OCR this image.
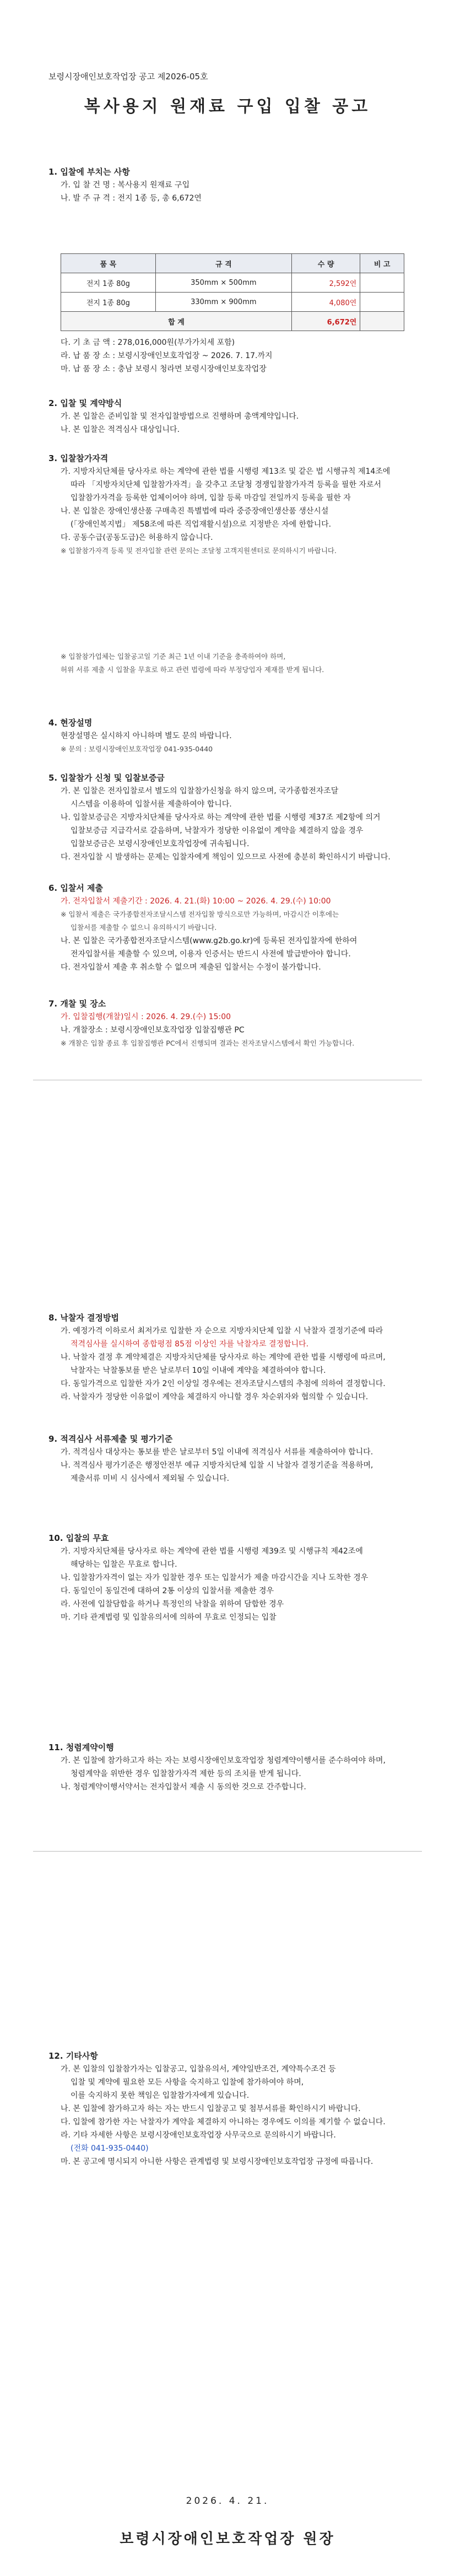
보령시장애인보호작업장 공고 제2026-05호
복사용지 원재료 구입 입찰 공고

1. 입찰에 부치는 사항

가. 입 찰 건 명 : 복사용지 원재료 구입

나. 발 주 규 격 : 전지 1종 등, 총 6,672연

품 목	규 격	수 량	비 고
전지 1종 80g	350mm × 500mm	2,592연	
전지 1종 80g	330mm × 900mm	4,080연	
합 계		6,672연	

다. 기 초 금 액 : 278,016,000원(부가가치세 포함)

라. 납 품 장 소 : 보령시장애인보호작업장 ~ 2026. 7. 17.까지

마. 납 품 장 소 : 충남 보령시 청라면 보령시장애인보호작업장

2. 입찰 및 계약방식

가. 본 입찰은 준비입찰 및 전자입찰방법으로 진행하며 총액계약입니다.

나. 본 입찰은 적격심사 대상입니다.

3. 입찰참가자격

가. 지방자치단체를 당사자로 하는 계약에 관한 법률 시행령 제13조 및 같은 법 시행규칙 제14조에

따라 「지방자치단체 입찰참가자격」을 갖추고 조달청 경쟁입찰참가자격 등록을 필한 자로서

입찰참가자격을 등록한 업체이어야 하며, 입찰 등록 마감일 전일까지 등록을 필한 자

나. 본 입찰은 장애인생산품 구매촉진 특별법에 따라 중증장애인생산품 생산시설

(「장애인복지법」 제58조에 따른 직업재활시설)으로 지정받은 자에 한합니다.

다. 공동수급(공동도급)은 허용하지 않습니다.

※ 입찰참가자격 등록 및 전자입찰 관련 문의는 조달청 고객지원센터로 문의하시기 바랍니다.

※ 입찰참가업체는 입찰공고일 기준 최근 1년 이내 기준을 충족하여야 하며,

허위 서류 제출 시 입찰을 무효로 하고 관련 법령에 따라 부정당업자 제재를 받게 됩니다.

4. 현장설명

현장설명은 실시하지 아니하며 별도 문의 바랍니다.

※ 문의 : 보령시장애인보호작업장 041-935-0440

5. 입찰참가 신청 및 입찰보증금

가. 본 입찰은 전자입찰로서 별도의 입찰참가신청을 하지 않으며, 국가종합전자조달

시스템을 이용하여 입찰서를 제출하여야 합니다.

나. 입찰보증금은 지방자치단체를 당사자로 하는 계약에 관한 법률 시행령 제37조 제2항에 의거

입찰보증금 지급각서로 갈음하며, 낙찰자가 정당한 이유없이 계약을 체결하지 않을 경우

입찰보증금은 보령시장애인보호작업장에 귀속됩니다.

다. 전자입찰 시 발생하는 문제는 입찰자에게 책임이 있으므로 사전에 충분히 확인하시기 바랍니다.

6. 입찰서 제출

가. 전자입찰서 제출기간 : 2026. 4. 21.(화) 10:00 ~ 2026. 4. 29.(수) 10:00

※ 입찰서 제출은 국가종합전자조달시스템 전자입찰 방식으로만 가능하며, 마감시간 이후에는

입찰서를 제출할 수 없으니 유의하시기 바랍니다.

나. 본 입찰은 국가종합전자조달시스템(www.g2b.go.kr)에 등록된 전자입찰자에 한하여

전자입찰서를 제출할 수 있으며, 이용자 인증서는 반드시 사전에 발급받아야 합니다.

다. 전자입찰서 제출 후 취소할 수 없으며 제출된 입찰서는 수정이 불가합니다.

7. 개찰 및 장소

가. 입찰집행(개찰)일시 : 2026. 4. 29.(수) 15:00

나. 개찰장소 : 보령시장애인보호작업장 입찰집행관 PC

※ 개찰은 입찰 종료 후 입찰집행관 PC에서 진행되며 결과는 전자조달시스템에서 확인 가능합니다.

8. 낙찰자 결정방법

가. 예정가격 이하로서 최저가로 입찰한 자 순으로 지방자치단체 입찰 시 낙찰자 결정기준에 따라

적격심사를 실시하여 종합평점 85점 이상인 자를 낙찰자로 결정합니다.

나. 낙찰자 결정 후 계약체결은 지방자치단체를 당사자로 하는 계약에 관한 법률 시행령에 따르며,

낙찰자는 낙찰통보를 받은 날로부터 10일 이내에 계약을 체결하여야 합니다.

다. 동일가격으로 입찰한 자가 2인 이상일 경우에는 전자조달시스템의 추첨에 의하여 결정합니다.

라. 낙찰자가 정당한 이유없이 계약을 체결하지 아니할 경우 차순위자와 협의할 수 있습니다.

9. 적격심사 서류제출 및 평가기준

가. 적격심사 대상자는 통보를 받은 날로부터 5일 이내에 적격심사 서류를 제출하여야 합니다.

나. 적격심사 평가기준은 행정안전부 예규 지방자치단체 입찰 시 낙찰자 결정기준을 적용하며,

제출서류 미비 시 심사에서 제외될 수 있습니다.

10. 입찰의 무효

가. 지방자치단체를 당사자로 하는 계약에 관한 법률 시행령 제39조 및 시행규칙 제42조에

해당하는 입찰은 무효로 합니다.

나. 입찰참가자격이 없는 자가 입찰한 경우 또는 입찰서가 제출 마감시간을 지나 도착한 경우

다. 동일인이 동일건에 대하여 2통 이상의 입찰서를 제출한 경우

라. 사전에 입찰담합을 하거나 특정인의 낙찰을 위하여 담합한 경우

마. 기타 관계법령 및 입찰유의서에 의하여 무효로 인정되는 입찰

11. 청렴계약이행

가. 본 입찰에 참가하고자 하는 자는 보령시장애인보호작업장 청렴계약이행서를 준수하여야 하며,

청렴계약을 위반한 경우 입찰참가자격 제한 등의 조치를 받게 됩니다.

나. 청렴계약이행서약서는 전자입찰서 제출 시 동의한 것으로 간주합니다.

12. 기타사항

가. 본 입찰의 입찰참가자는 입찰공고, 입찰유의서, 계약일반조건, 계약특수조건 등

입찰 및 계약에 필요한 모든 사항을 숙지하고 입찰에 참가하여야 하며,

이를 숙지하지 못한 책임은 입찰참가자에게 있습니다.

나. 본 입찰에 참가하고자 하는 자는 반드시 입찰공고 및 첨부서류를 확인하시기 바랍니다.

다. 입찰에 참가한 자는 낙찰자가 계약을 체결하지 아니하는 경우에도 이의를 제기할 수 없습니다.

라. 기타 자세한 사항은 보령시장애인보호작업장 사무국으로 문의하시기 바랍니다.

(전화 041-935-0440)

마. 본 공고에 명시되지 아니한 사항은 관계법령 및 보령시장애인보호작업장 규정에 따릅니다.

2026. 4. 21.
보령시장애인보호작업장 원장
